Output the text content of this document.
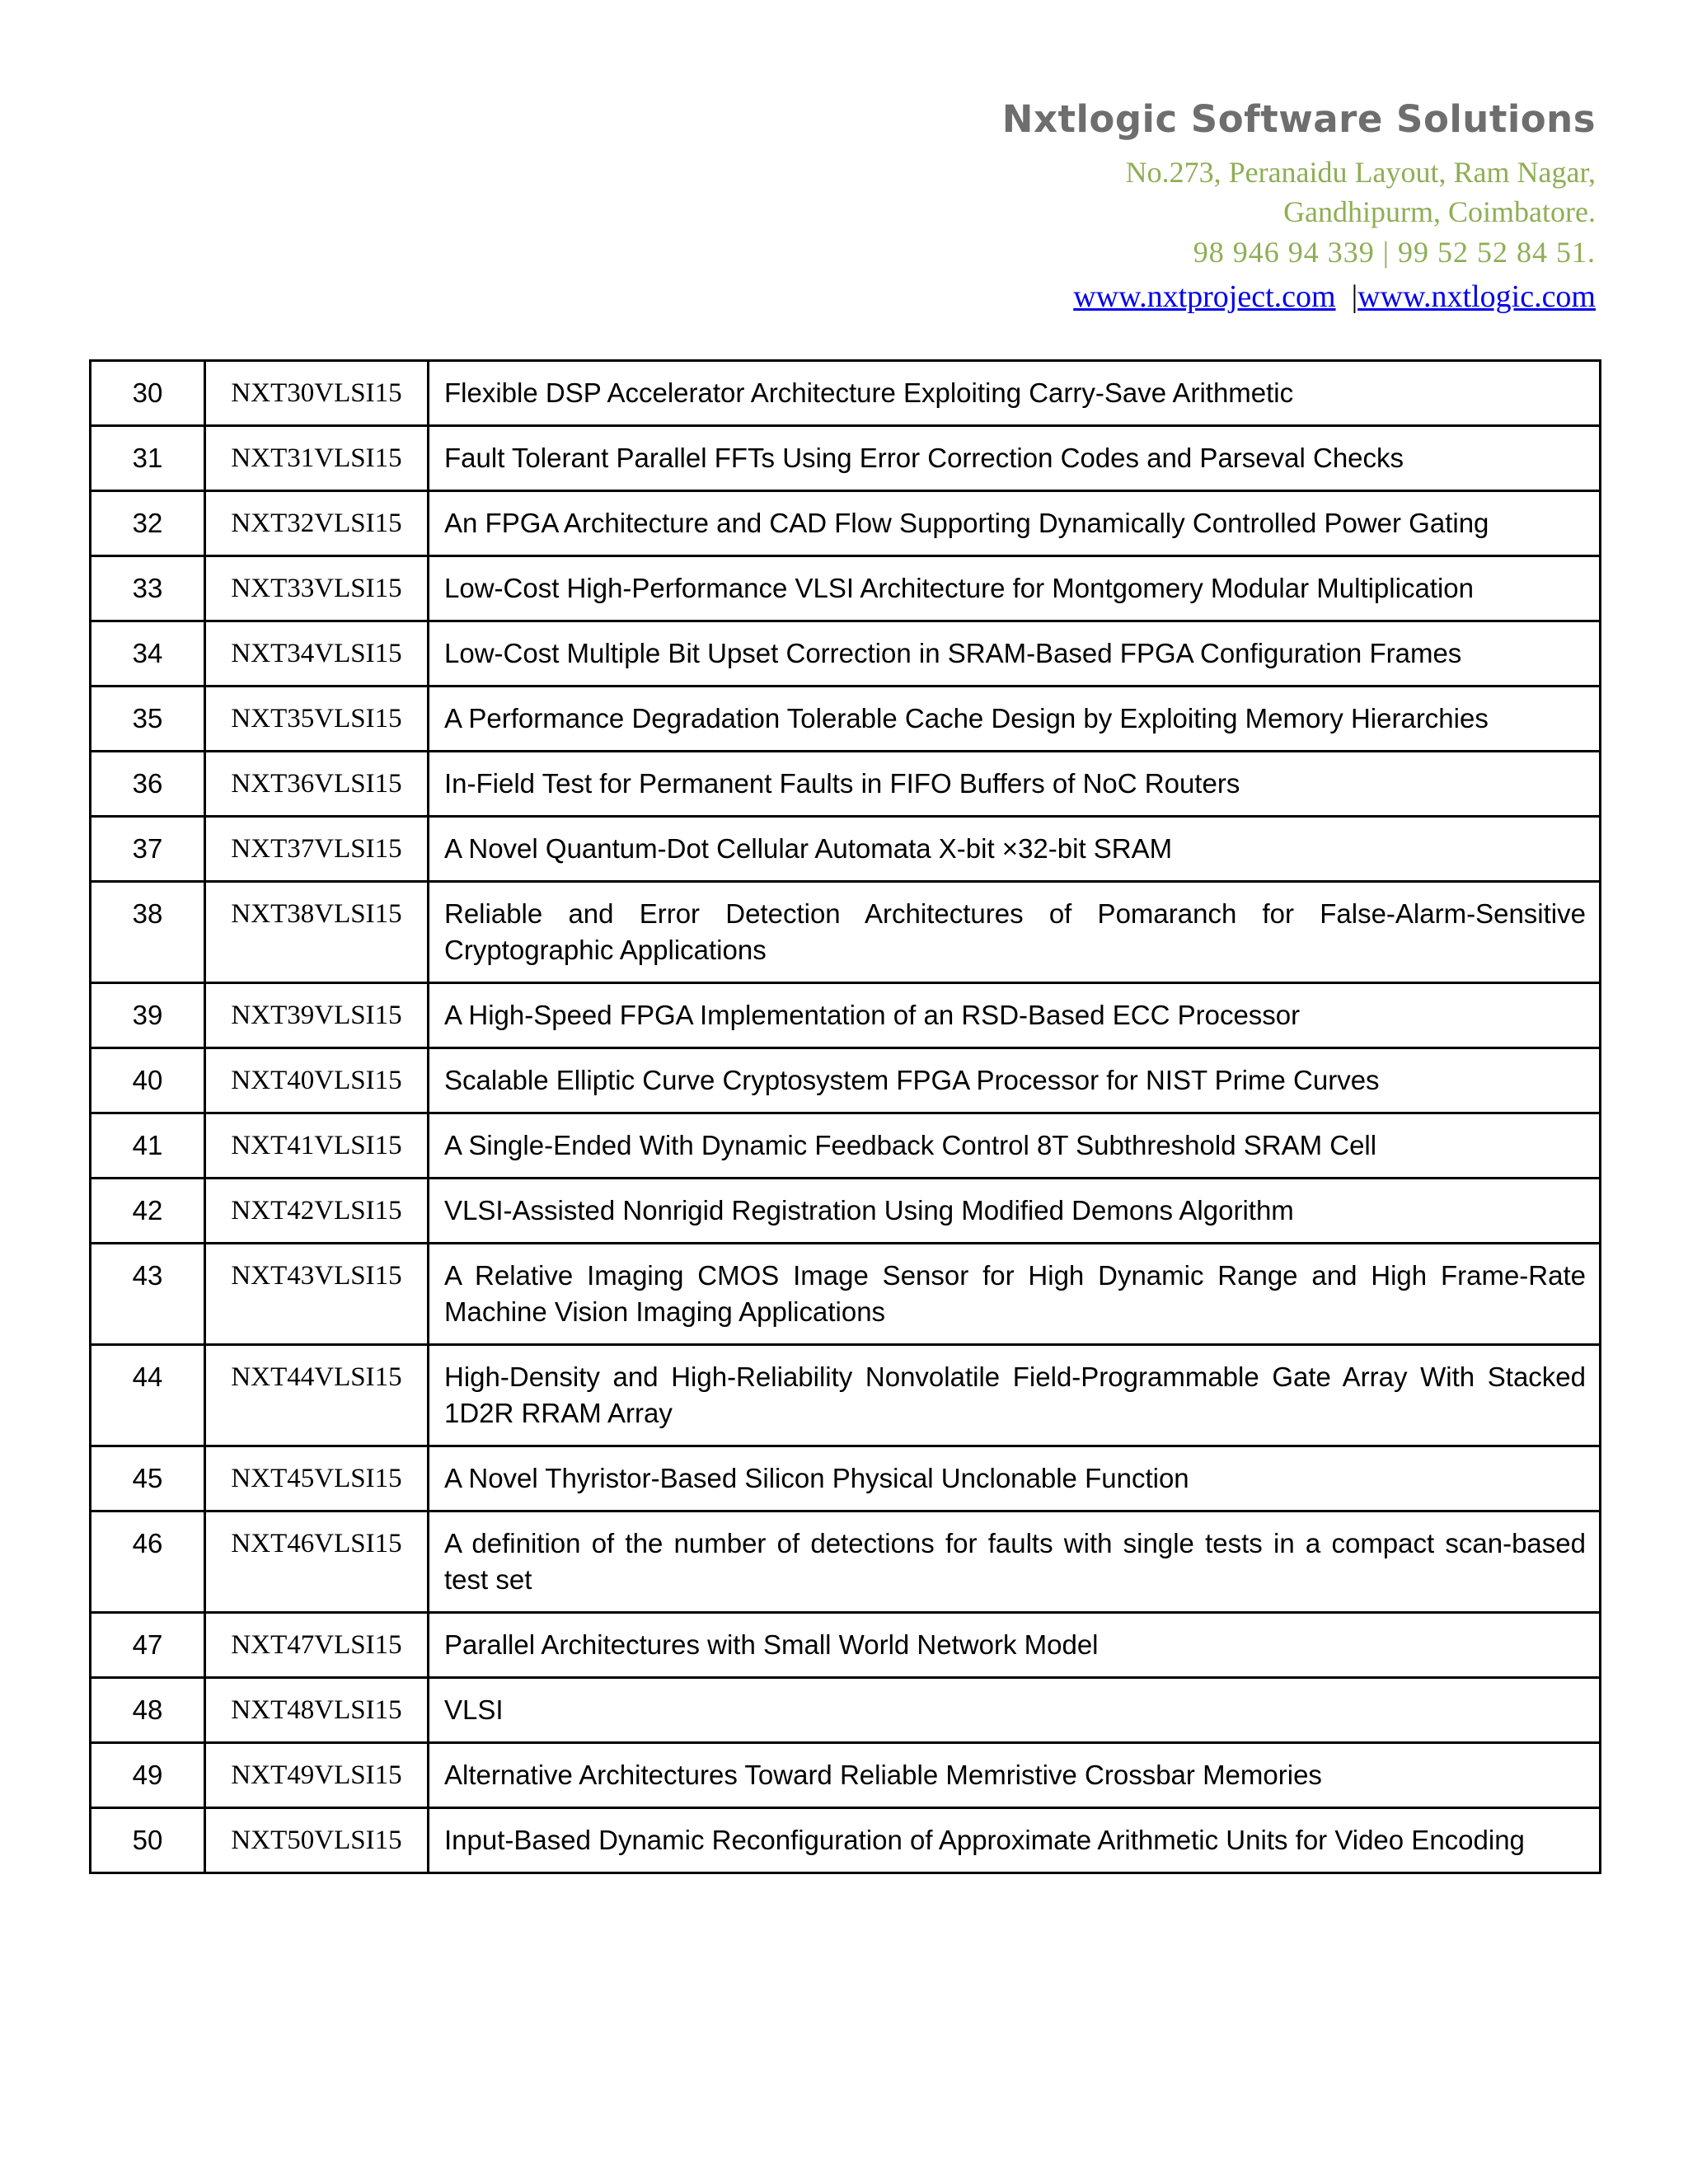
Nxtlogic Software Solutions
No.273, Peranaidu Layout, Ram Nagar,
Gandhipurm, Coimbatore.
98 946 94 339 | 99 52 52 84 51.
www.nxtproject.com |www.nxtlogic.com
30	NXT30VLSI15	Flexible DSP Accelerator Architecture Exploiting Carry-Save Arithmetic
31	NXT31VLSI15	Fault Tolerant Parallel FFTs Using Error Correction Codes and Parseval Checks
32	NXT32VLSI15	An FPGA Architecture and CAD Flow Supporting Dynamically Controlled Power Gating
33	NXT33VLSI15	Low-Cost High-Performance VLSI Architecture for Montgomery Modular Multiplication
34	NXT34VLSI15	Low-Cost Multiple Bit Upset Correction in SRAM-Based FPGA Configuration Frames
35	NXT35VLSI15	A Performance Degradation Tolerable Cache Design by Exploiting Memory Hierarchies
36	NXT36VLSI15	In-Field Test for Permanent Faults in FIFO Buffers of NoC Routers
37	NXT37VLSI15	A Novel Quantum-Dot Cellular Automata X-bit ×32-bit SRAM
38	NXT38VLSI15	Reliable and Error Detection Architectures of Pomaranch for False-Alarm-Sensitive Cryptographic Applications
39	NXT39VLSI15	A High-Speed FPGA Implementation of an RSD-Based ECC Processor
40	NXT40VLSI15	Scalable Elliptic Curve Cryptosystem FPGA Processor for NIST Prime Curves
41	NXT41VLSI15	A Single-Ended With Dynamic Feedback Control 8T Subthreshold SRAM Cell
42	NXT42VLSI15	VLSI-Assisted Nonrigid Registration Using Modified Demons Algorithm
43	NXT43VLSI15	A Relative Imaging CMOS Image Sensor for High Dynamic Range and High Frame-Rate Machine Vision Imaging Applications
44	NXT44VLSI15	High-Density and High-Reliability Nonvolatile Field-Programmable Gate Array With Stacked 1D2R RRAM Array
45	NXT45VLSI15	A Novel Thyristor-Based Silicon Physical Unclonable Function
46	NXT46VLSI15	A definition of the number of detections for faults with single tests in a compact scan-based test set
47	NXT47VLSI15	Parallel Architectures with Small World Network Model
48	NXT48VLSI15	VLSI
49	NXT49VLSI15	Alternative Architectures Toward Reliable Memristive Crossbar Memories
50	NXT50VLSI15	Input-Based Dynamic Reconfiguration of Approximate Arithmetic Units for Video Encoding
